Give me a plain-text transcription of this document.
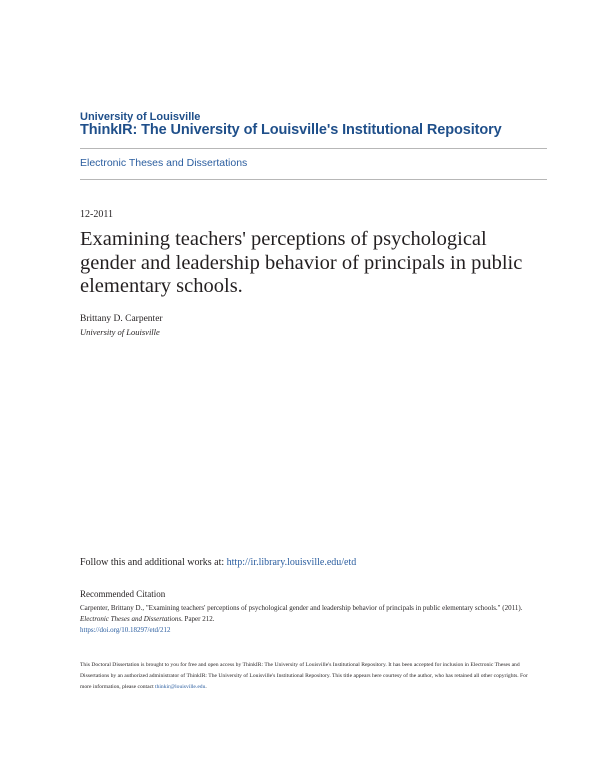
University of Louisville
ThinkIR: The University of Louisville's Institutional Repository
Electronic Theses and Dissertations
12-2011
Examining teachers' perceptions of psychological gender and leadership behavior of principals in public elementary schools.
Brittany D. Carpenter
University of Louisville
Follow this and additional works at: http://ir.library.louisville.edu/etd
Recommended Citation
Carpenter, Brittany D., "Examining teachers' perceptions of psychological gender and leadership behavior of principals in public elementary schools." (2011). Electronic Theses and Dissertations. Paper 212.
https://doi.org/10.18297/etd/212
This Doctoral Dissertation is brought to you for free and open access by ThinkIR: The University of Louisville's Institutional Repository. It has been accepted for inclusion in Electronic Theses and Dissertations by an authorized administrator of ThinkIR: The University of Louisville's Institutional Repository. This title appears here courtesy of the author, who has retained all other copyrights. For more information, please contact thinkir@louisville.edu.
